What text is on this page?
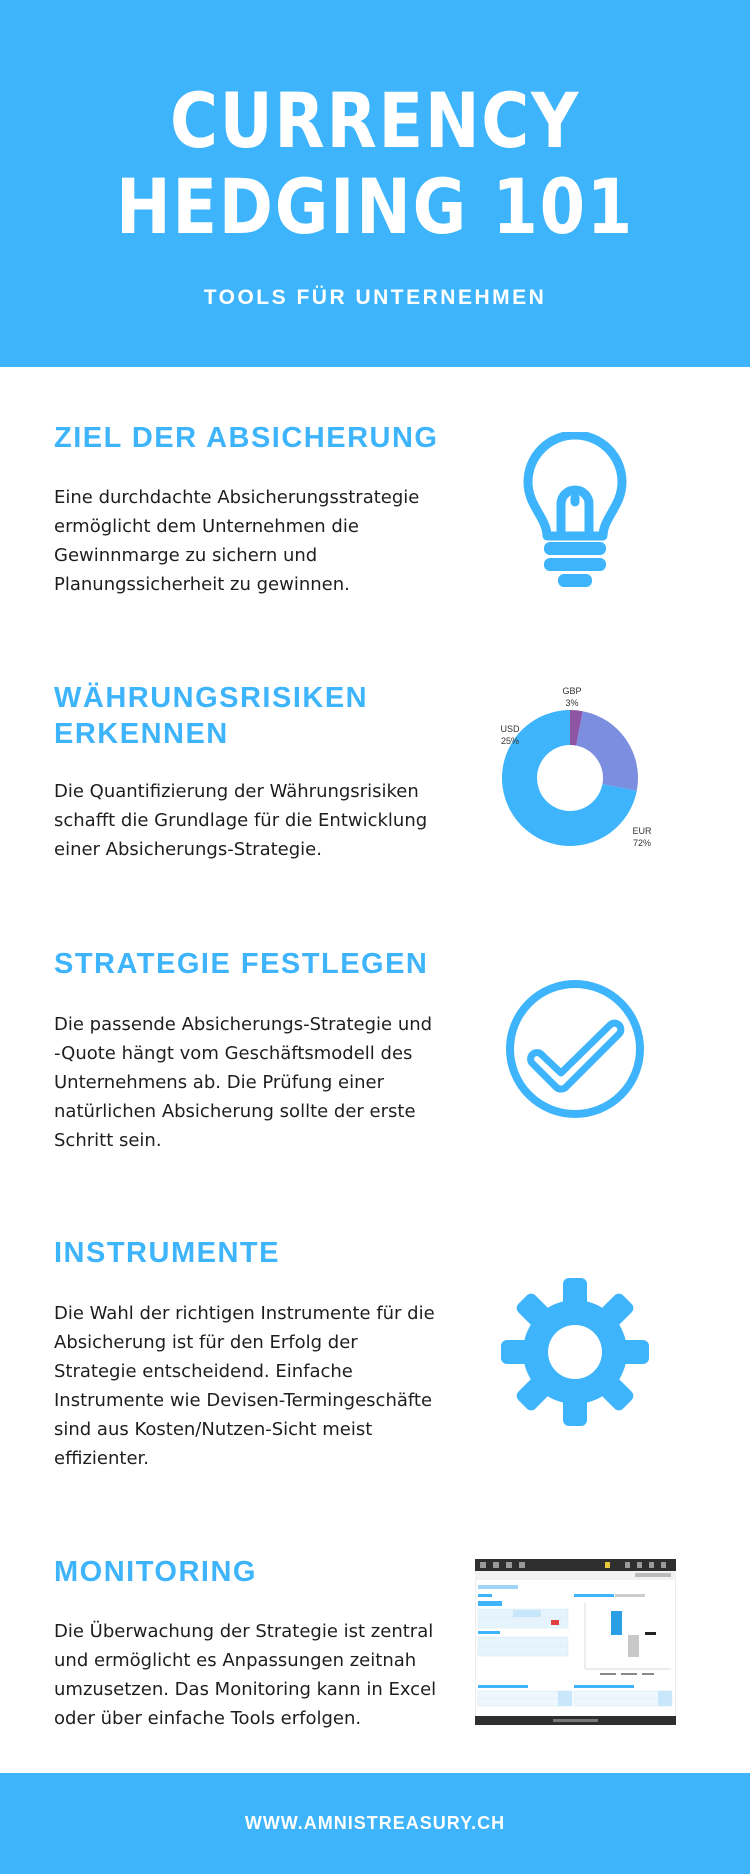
CURRENCY
HEDGING 101
TOOLS FÜR UNTERNEHMEN
ZIEL DER ABSICHERUNG

Eine durchdachte Absicherungsstrategie ermöglicht dem Unternehmen die Gewinnmarge zu sichern und Planungssicherheit zu gewinnen.

WÄHRUNGSRISIKEN ERKENNEN

Die Quantifizierung der Währungsrisiken schafft die Grundlage für die Entwicklung einer Absicherungs-Strategie.

EUR
72%
USD
25%
GBP
3%
STRATEGIE FESTLEGEN

Die passende Absicherungs-Strategie und -Quote hängt vom Geschäftsmodell des Unternehmens ab. Die Prüfung einer natürlichen Absicherung sollte der erste Schritt sein.

INSTRUMENTE

Die Wahl der richtigen Instrumente für die Absicherung ist für den Erfolg der Strategie entscheidend. Einfache Instrumente wie Devisen-Termingeschäfte sind aus Kosten/Nutzen-Sicht meist effizienter.

MONITORING

Die Überwachung der Strategie ist zentral und ermöglicht es Anpassungen zeitnah umzusetzen. Das Monitoring kann in Excel oder über einfache Tools erfolgen.

WWW.AMNISTREASURY.CH
